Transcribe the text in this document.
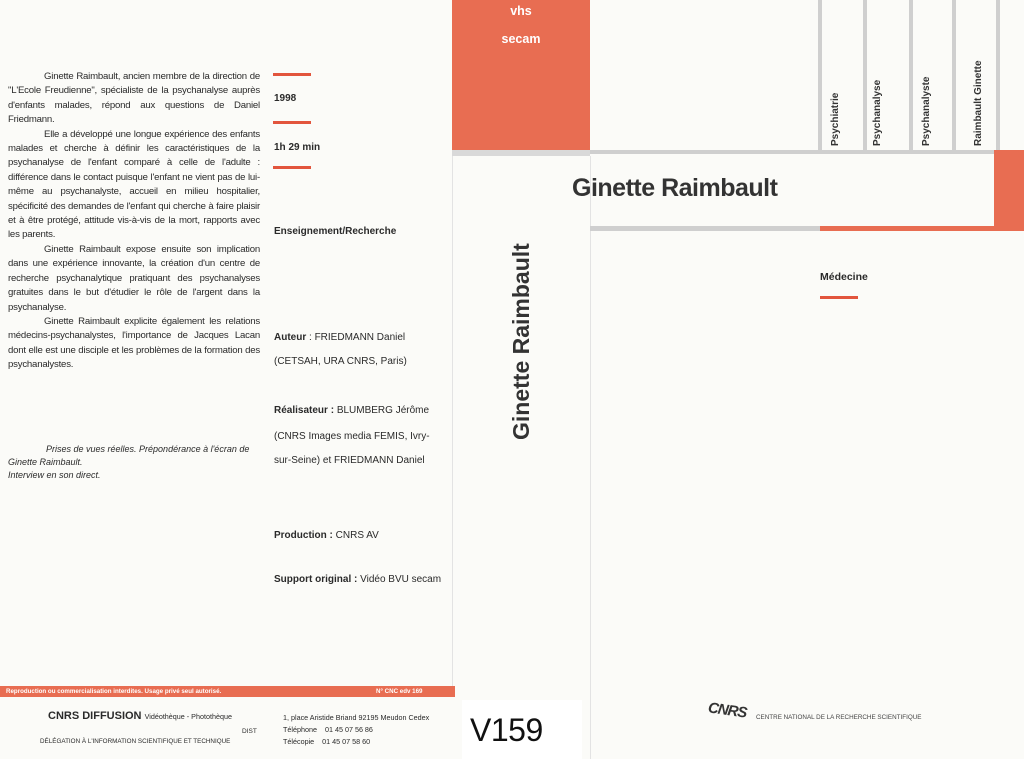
Ginette Raimbault, ancien membre de la direction de "L'Ecole Freudienne", spécialiste de la psychanalyse auprès d'enfants malades, répond aux questions de Daniel Friedmann.

Elle a développé une longue expérience des enfants malades et cherche à définir les caractéristiques de la psychanalyse de l'enfant comparé à celle de l'adulte : différence dans le contact puisque l'enfant ne vient pas de lui-même au psychanalyste, accueil en milieu hospitalier, spécificité des demandes de l'enfant qui cherche à faire plaisir et à être protégé, attitude vis-à-vis de la mort, rapports avec les parents.

Ginette Raimbault expose ensuite son implication dans une expérience innovante, la création d'un centre de recherche psychanalytique pratiquant des psychanalyses gratuites dans le but d'étudier le rôle de l'argent dans la psychanalyse.

Ginette Raimbault explicite également les relations médecins-psychanalystes, l'importance de Jacques Lacan dont elle est une disciple et les problèmes de la formation des psychanalystes.

Prises de vues réelles. Prépondérance à l'écran de

Ginette Raimbault.

Interview en son direct.

1998
1h 29 min
Enseignement/Recherche
Auteur : FRIEDMANN Daniel
(CETSAH, URA CNRS, Paris)
Réalisateur : BLUMBERG Jérôme
(CNRS Images media FEMIS, Ivry-
sur-Seine) et FRIEDMANN Daniel
Production : CNRS AV
Support original : Vidéo BVU secam
vhs
secam
Ginette Raimbault
V159
Psychiatrie	Psychanalyse	Psychanalyste	Raimbault Ginette
Ginette Raimbault
Médecine
Reproduction ou commercialisation interdites. Usage privé seul autorisé.	N° CNC edv 169
CNRS DIFFUSION Vidéothèque - Photothèque
DIST
DÉLÉGATION À L'INFORMATION SCIENTIFIQUE ET TECHNIQUE
1, place Aristide Briand 92195 Meudon Cedex
Téléphone 01 45 07 56 86
Télécopie 01 45 07 58 60
CNRS CENTRE NATIONAL DE LA RECHERCHE SCIENTIFIQUE
